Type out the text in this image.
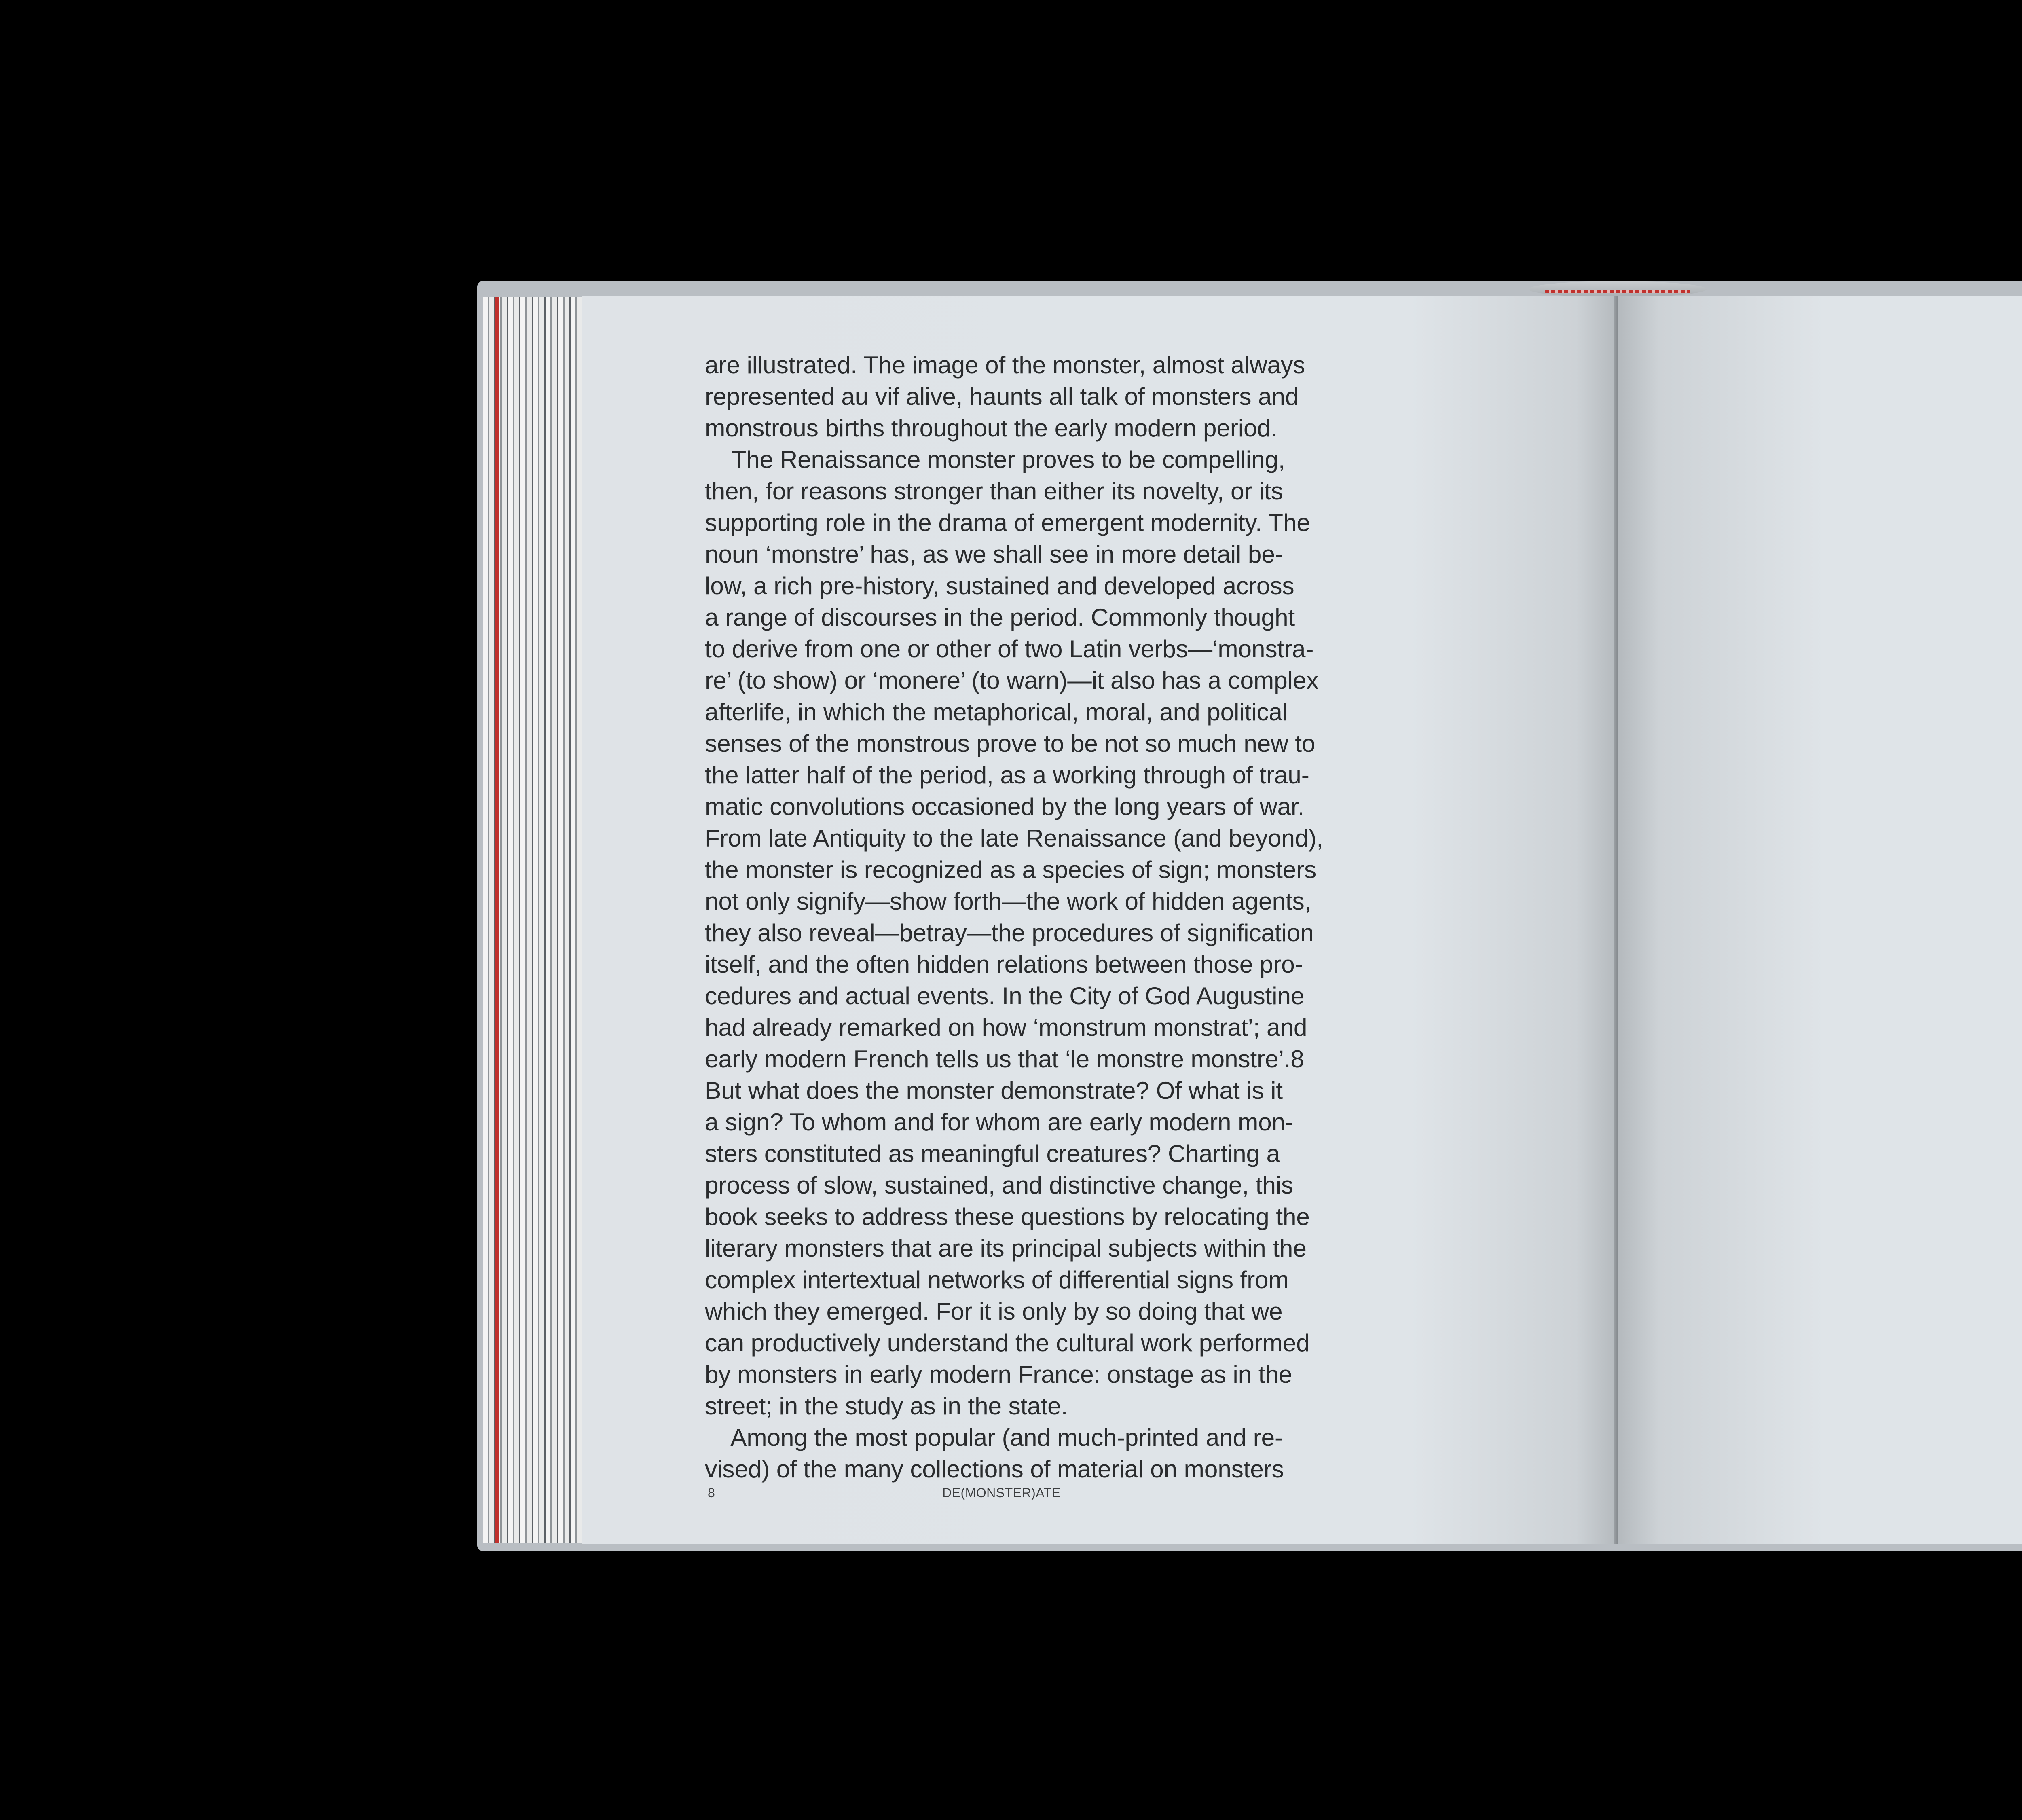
are illustrated. The image of the monster, almost always
represented au vif alive, haunts all talk of monsters and
monstrous births throughout the early modern period.
The Renaissance monster proves to be compelling,
then, for reasons stronger than either its novelty, or its
supporting role in the drama of emergent modernity. The
noun ‘monstre’ has, as we shall see in more detail be-
low, a rich pre-history, sustained and developed across
a range of discourses in the period. Commonly thought
to derive from one or other of two Latin verbs—‘monstra-
re’ (to show) or ‘monere’ (to warn)—it also has a complex
afterlife, in which the metaphorical, moral, and political
senses of the monstrous prove to be not so much new to
the latter half of the period, as a working through of trau-
matic convolutions occasioned by the long years of war.
From late Antiquity to the late Renaissance (and beyond),
the monster is recognized as a species of sign; monsters
not only signify—show forth—the work of hidden agents,
they also reveal—betray—the procedures of signification
itself, and the often hidden relations between those pro-
cedures and actual events. In the City of God Augustine
had already remarked on how ‘monstrum monstrat’; and
early modern French tells us that ‘le monstre monstre’.8
But what does the monster demonstrate? Of what is it
a sign? To whom and for whom are early modern mon-
sters constituted as meaningful creatures? Charting a
process of slow, sustained, and distinctive change, this
book seeks to address these questions by relocating the
literary monsters that are its principal subjects within the
complex intertextual networks of differential signs from
which they emerged. For it is only by so doing that we
can productively understand the cultural work performed
by monsters in early modern France: onstage as in the
street; in the study as in the state.
Among the most popular (and much-printed and re-
vised) of the many collections of material on monsters
8	DE(MONSTER)ATE
